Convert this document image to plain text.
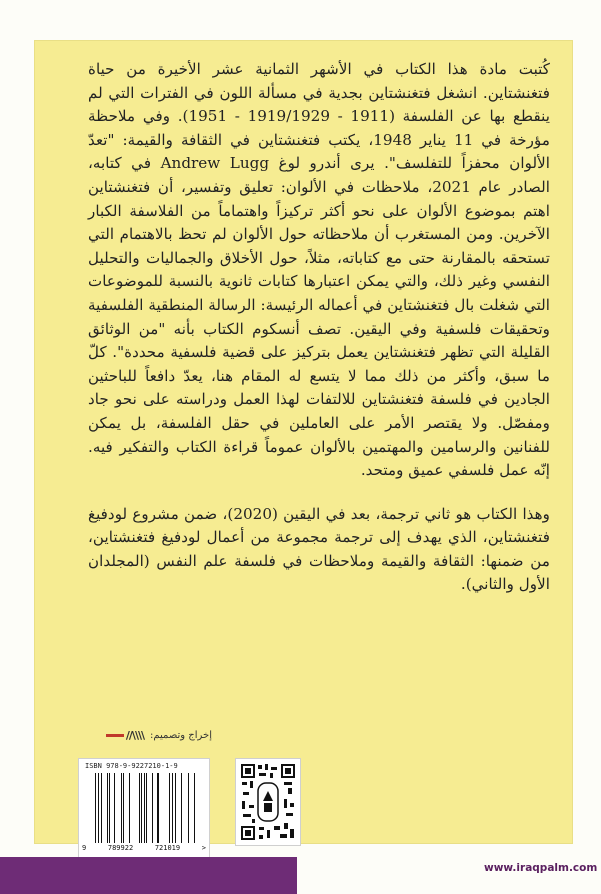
كُتبت مادة هذا الكتاب في الأشهر الثمانية عشر الأخيرة من حياة فتغنشتاين. انشغل فتغنشتاين بجدية في مسألة اللون في الفترات التي لم ينقطع بها عن الفلسفة (1911 - 1919/1929 - 1951). وفي ملاحظة مؤرخة في 11 يناير 1948، يكتب فتغنشتاين في الثقافة والقيمة: "تعدّ الألوان محفزاً للتفلسف". يرى أندرو لوغ Andrew Lugg في كتابه، الصادر عام 2021، ملاحظات في الألوان: تعليق وتفسير، أن فتغنشتاين اهتم بموضوع الألوان على نحو أكثر تركيزاً واهتماماً من الفلاسفة الكبار الآخرين. ومن المستغرب أن ملاحظاته حول الألوان لم تحظ بالاهتمام التي تستحقه بالمقارنة حتى مع كتاباته، مثلاً، حول الأخلاق والجماليات والتحليل النفسي وغير ذلك، والتي يمكن اعتبارها كتابات ثانوية بالنسبة للموضوعات التي شغلت بال فتغنشتاين في أعماله الرئيسة: الرسالة المنطقية الفلسفية وتحقيقات فلسفية وفي اليقين. تصف أنسكوم الكتاب بأنه "من الوثائق القليلة التي تظهر فتغنشتاين يعمل بتركيز على قضية فلسفية محددة". كلّ ما سبق، وأكثر من ذلك مما لا يتسع له المقام هنا، يعدّ دافعاً للباحثين الجادين في فلسفة فتغنشتاين للالتفات لهذا العمل ودراسته على نحو جاد ومفصّل. ولا يقتصر الأمر على العاملين في حقل الفلسفة، بل يمكن للفنانين والرسامين والمهتمين بالألوان عموماً قراءة الكتاب والتفكير فيه. إنّه عمل فلسفي عميق ومتحد.

وهذا الكتاب هو ثاني ترجمة، بعد في اليقين (2020)، ضمن مشروع لودفيغ فتغنشتاين، الذي يهدف إلى ترجمة مجموعة من أعمال لودفيغ فتغنشتاين، من ضمنها: الثقافة والقيمة وملاحظات في فلسفة علم النفس (المجلدان الأول والثاني).

إخراج وتصميم:
\\\\//
ISBN 978-9-9227210-1-9
9	789922	721019	>
www.iraqpalm.com
